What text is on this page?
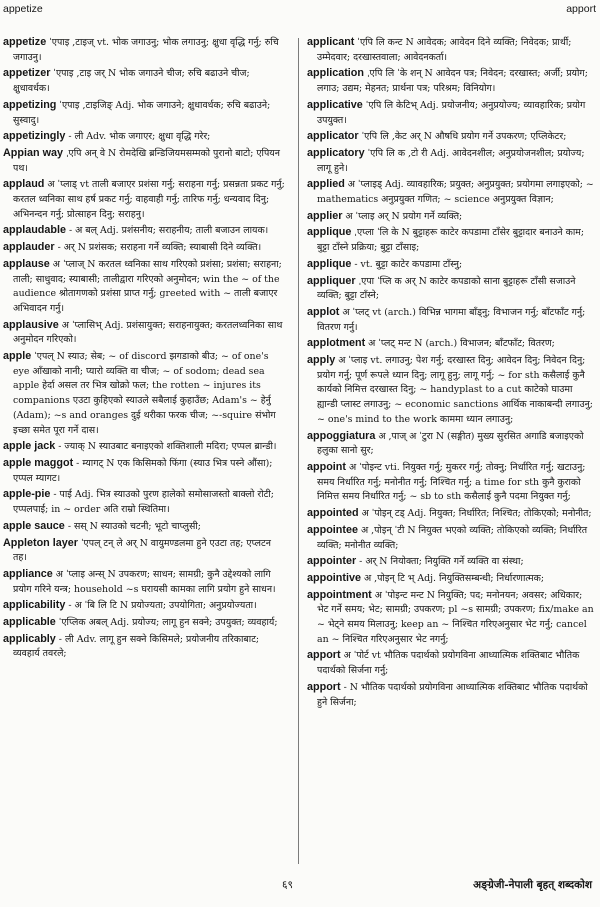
appetize	apport
appetize ˈएपाइ ,टाइज् vt. भोक जगाउनु; भोक लगाउनु; क्षुधा वृद्धि गर्नु; रुचि जगाउनु।
appetizer ˈएपाइ ,टाइ जर् N भोक जगाउने चीज; रुचि बढाउने चीज; क्षुधावर्धक।
appetizing ˈएपाइ ,टाइजिङ् Adj. भोक जगाउने; क्षुधावर्धक; रुचि बढाउने; सुस्वादु।
appetizingly - ली Adv. भोक जगाएर; क्षुधा वृद्धि गरेर;
Appian way ˌएपि अन् वे N रोमदेखि ब्रन्डिजियमसम्मको पुरानो बाटो; एपियन पथ।
applaud अ ˈप्लाड् vt ताली बजाएर प्रशंसा गर्नु; सराहना गर्नु; प्रसन्नता प्रकट गर्नु; करतल ध्वनिका साथ हर्ष प्रकट गर्नु; वाहवाही गर्नु; तारिफ गर्नु; धन्यवाद दिनु; अभिनन्दन गर्नु; प्रोत्साहन दिनु; सराहनु।
applaudable - अ बल् Adj. प्रशंसनीय; सराहनीय; ताली बजाउन लायक।
applauder - अर् N प्रशंसक; सराहना गर्ने व्यक्ति; स्याबासी दिने व्यक्ति।
applause अ ˈप्लाज् N करतल ध्वनिका साथ गरिएको प्रशंसा; प्रशंसा; सराहना; ताली; साधुवाद; स्याबासी; तालीद्वारा गरिएको अनुमोदन; win the ~ of the audience श्रोतागणको प्रशंसा प्राप्त गर्नु; greeted with ~ ताली बजाएर अभिवादन गर्नु।
applausive अ ˈप्लासिभ् Adj. प्रशंसायुक्त; सराहनायुक्त; करतलध्वनिका साथ अनुमोदन गरिएको।
apple ˈएपल् N स्याउ; सेब; ~ of discord झगडाको बीउ; ~ of one's eye आँखाको नानी; प्यारो व्यक्ति वा चीज; ~ of sodom; dead sea apple हेर्दा असल तर भित्र खोक्रो फल; the rotten ~ injures its companions एउटा कुहिएको स्याउले सबैलाई कुहाउँछ; Adam's ~ हेर्नु (Adam); ~s and oranges दुई थरीका फरक चीज; ~-squire संभोग इच्छा समेत पूरा गर्ने दास।
apple jack - ज्याक् N स्याउबाट बनाइएको शक्तिशाली मदिरा; एप्पल ब्रान्डी।
apple maggot - म्यागट् N एक किसिमको फिंगा (स्याउ भित्र पस्ने औंसा); एप्पल म्यागट।
apple-pie - पाई Adj. भित्र स्याउको पुरण हालेको समोसाजस्तो बाक्लो रोटी; एप्पलपाई; in ~ order अति राम्रो स्थितिमा।
apple sauce - सस् N स्याउको चटनी; भूटो चाप्लुसी;
Appleton layer ˈएपल् टन् ले अर् N वायुमण्डलमा हुने एउटा तह; एप्लटन तह।
appliance अ ˈप्लाइ अन्स् N उपकरण; साधन; सामग्री; कुनै उद्देश्यको लागि प्रयोग गरिने यन्त्र; household ~s घरायसी कामका लागि प्रयोग हुने साधन।
applicability - अ ˈबि लि टि N प्रयोज्यता; उपयोगिता; अनुप्रयोज्यता।
applicable ˈएप्लिक अबल् Adj. प्रयोज्य; लागू हुन सक्ने; उपयुक्त; व्यवहार्य;
applicably - ली Adv. लागू हुन सक्ने किसिमले; प्रयोजनीय तरिकाबाट; व्यवहार्य तवरले;
applicant ˈएपि लि कन्ट N आवेदक; आवेदन दिने व्यक्ति; निवेदक; प्रार्थी; उम्मेदवार; दरखास्तवाला; आवेदनकर्ता।
application ˌएपि लि ˈके शन् N आवेदन पत्र; निवेदन; दरखास्त; अर्जी; प्रयोग; लगाउ; उद्यम; मेहनत; प्रार्थना पत्र; परिश्रम; विनियोग।
applicative ˈएपि लि केटिभ् Adj. प्रयोजनीय; अनुप्रयोज्य; व्यावहारिक; प्रयोग उपयुक्त।
applicator ˈएपि लि ,केट अर् N औषधि प्रयोग गर्ने उपकरण; एप्लिकेटर;
applicatory ˈएपि लि क ,टो री Adj. आवेदनशील; अनुप्रयोजनशील; प्रयोज्य; लागू हुने।
applied अ ˈप्लाइड् Adj. व्यावहारिक; प्रयुक्त; अनुप्रयुक्त; प्रयोगमा लगाइएको; ~ mathematics अनुप्रयुक्त गणित; ~ science अनुप्रयुक्त विज्ञान;
applier अ ˈप्लाइ अर् N प्रयोग गर्ने व्यक्ति;
applique ˌएप्ला ˈलि के N बुट्टाहरू काटेर कपडामा टाँसेर बुट्टादार बनाउने काम; बुट्टा टाँस्ने प्रक्रिया; बुट्टा टाँसाइ;
applique - vt. बुट्टा काटेर कपडामा टाँस्नु;
appliquer ˌएपा ˈप्लि क अर् N काटेर कपडाको साना बुट्टाहरू टाँसी सजाउने व्यक्ति; बुट्टा टाँस्ने;
applot अ ˈप्लट् vt (arch.) विभिन्न भागमा बाँड्नु; विभाजन गर्नु; बाँटफाँट गर्नु; वितरण गर्नु।
applotment अ ˈप्लट् मन्ट N (arch.) विभाजन; बाँटफाँट; वितरण;
apply अ ˈप्लाइ vt. लगाउनु; पेश गर्नु; दरखास्त दिनु; आवेदन दिनु; निवेदन दिनु; प्रयोग गर्नु; पूर्ण रूपले ध्यान दिनु; लागू हुनु; लागू गर्नु; ~ for sth कसैलाई कुनै कार्यको निमित्त दरखास्त दिनु; ~ handyplast to a cut काटेको घाउमा ह्यान्डी प्लास्ट लगाउनु; ~ economic sanctions आर्थिक नाकाबन्दी लगाउनु; ~ one's mind to the work काममा ध्यान लगाउनु;
appoggiatura अ ,पाज् अ ˈटुरा N (सङ्गीत) मुख्य सुरसित अगाडि बजाइएको हलुका सानो सुर;
appoint अ ˈपोइन्ट vti. नियुक्त गर्नु; मुकरर गर्नु; तोक्नु; निर्धारित गर्नु; खटाउनु; समय निर्धारित गर्नु; मनोनीत गर्नु; निश्चित गर्नु; a time for sth कुनै कुराको निमित्त समय निर्धारित गर्नु; ~ sb to sth कसैलाई कुनै पदमा नियुक्त गर्नु;
appointed अ ˈपोइन् टड् Adj. नियुक्त; निर्धारित; निश्चित; तोकिएको; मनोनीत;
appointee अ ,पोइन् ˈटी N नियुक्त भएको व्यक्ति; तोकिएको व्यक्ति; निर्धारित व्यक्ति; मनोनीत व्यक्ति;
appointer - अर् N नियोक्ता; नियुक्ति गर्ने व्यक्ति वा संस्था;
appointive अ ,पोइन् टि भ् Adj. नियुक्तिसम्बन्धी; निर्धारणात्मक;
appointment अ ˈपोइन्ट मन्ट N नियुक्ति; पद; मनोनयन; अवसर; अधिकार; भेट गर्ने समय; भेट; सामग्री; उपकरण; pl ~s सामग्री; उपकरण; fix/make an ~ भेट्ने समय मिलाउनु; keep an ~ निश्चित गरिएअनुसार भेट गर्नु; cancel an ~ निश्चित गरिएअनुसार भेट नगर्नु;
apport अ ˈपोर्ट vt भौतिक पदार्थको प्रयोगविना आध्यात्मिक शक्तिबाट भौतिक पदार्थको सिर्जना गर्नु;
apport - N भौतिक पदार्थको प्रयोगविना आध्यात्मिक शक्तिबाट भौतिक पदार्थको हुने सिर्जना;
६९	अङ्ग्रेजी-नेपाली बृहत् शब्दकोश
